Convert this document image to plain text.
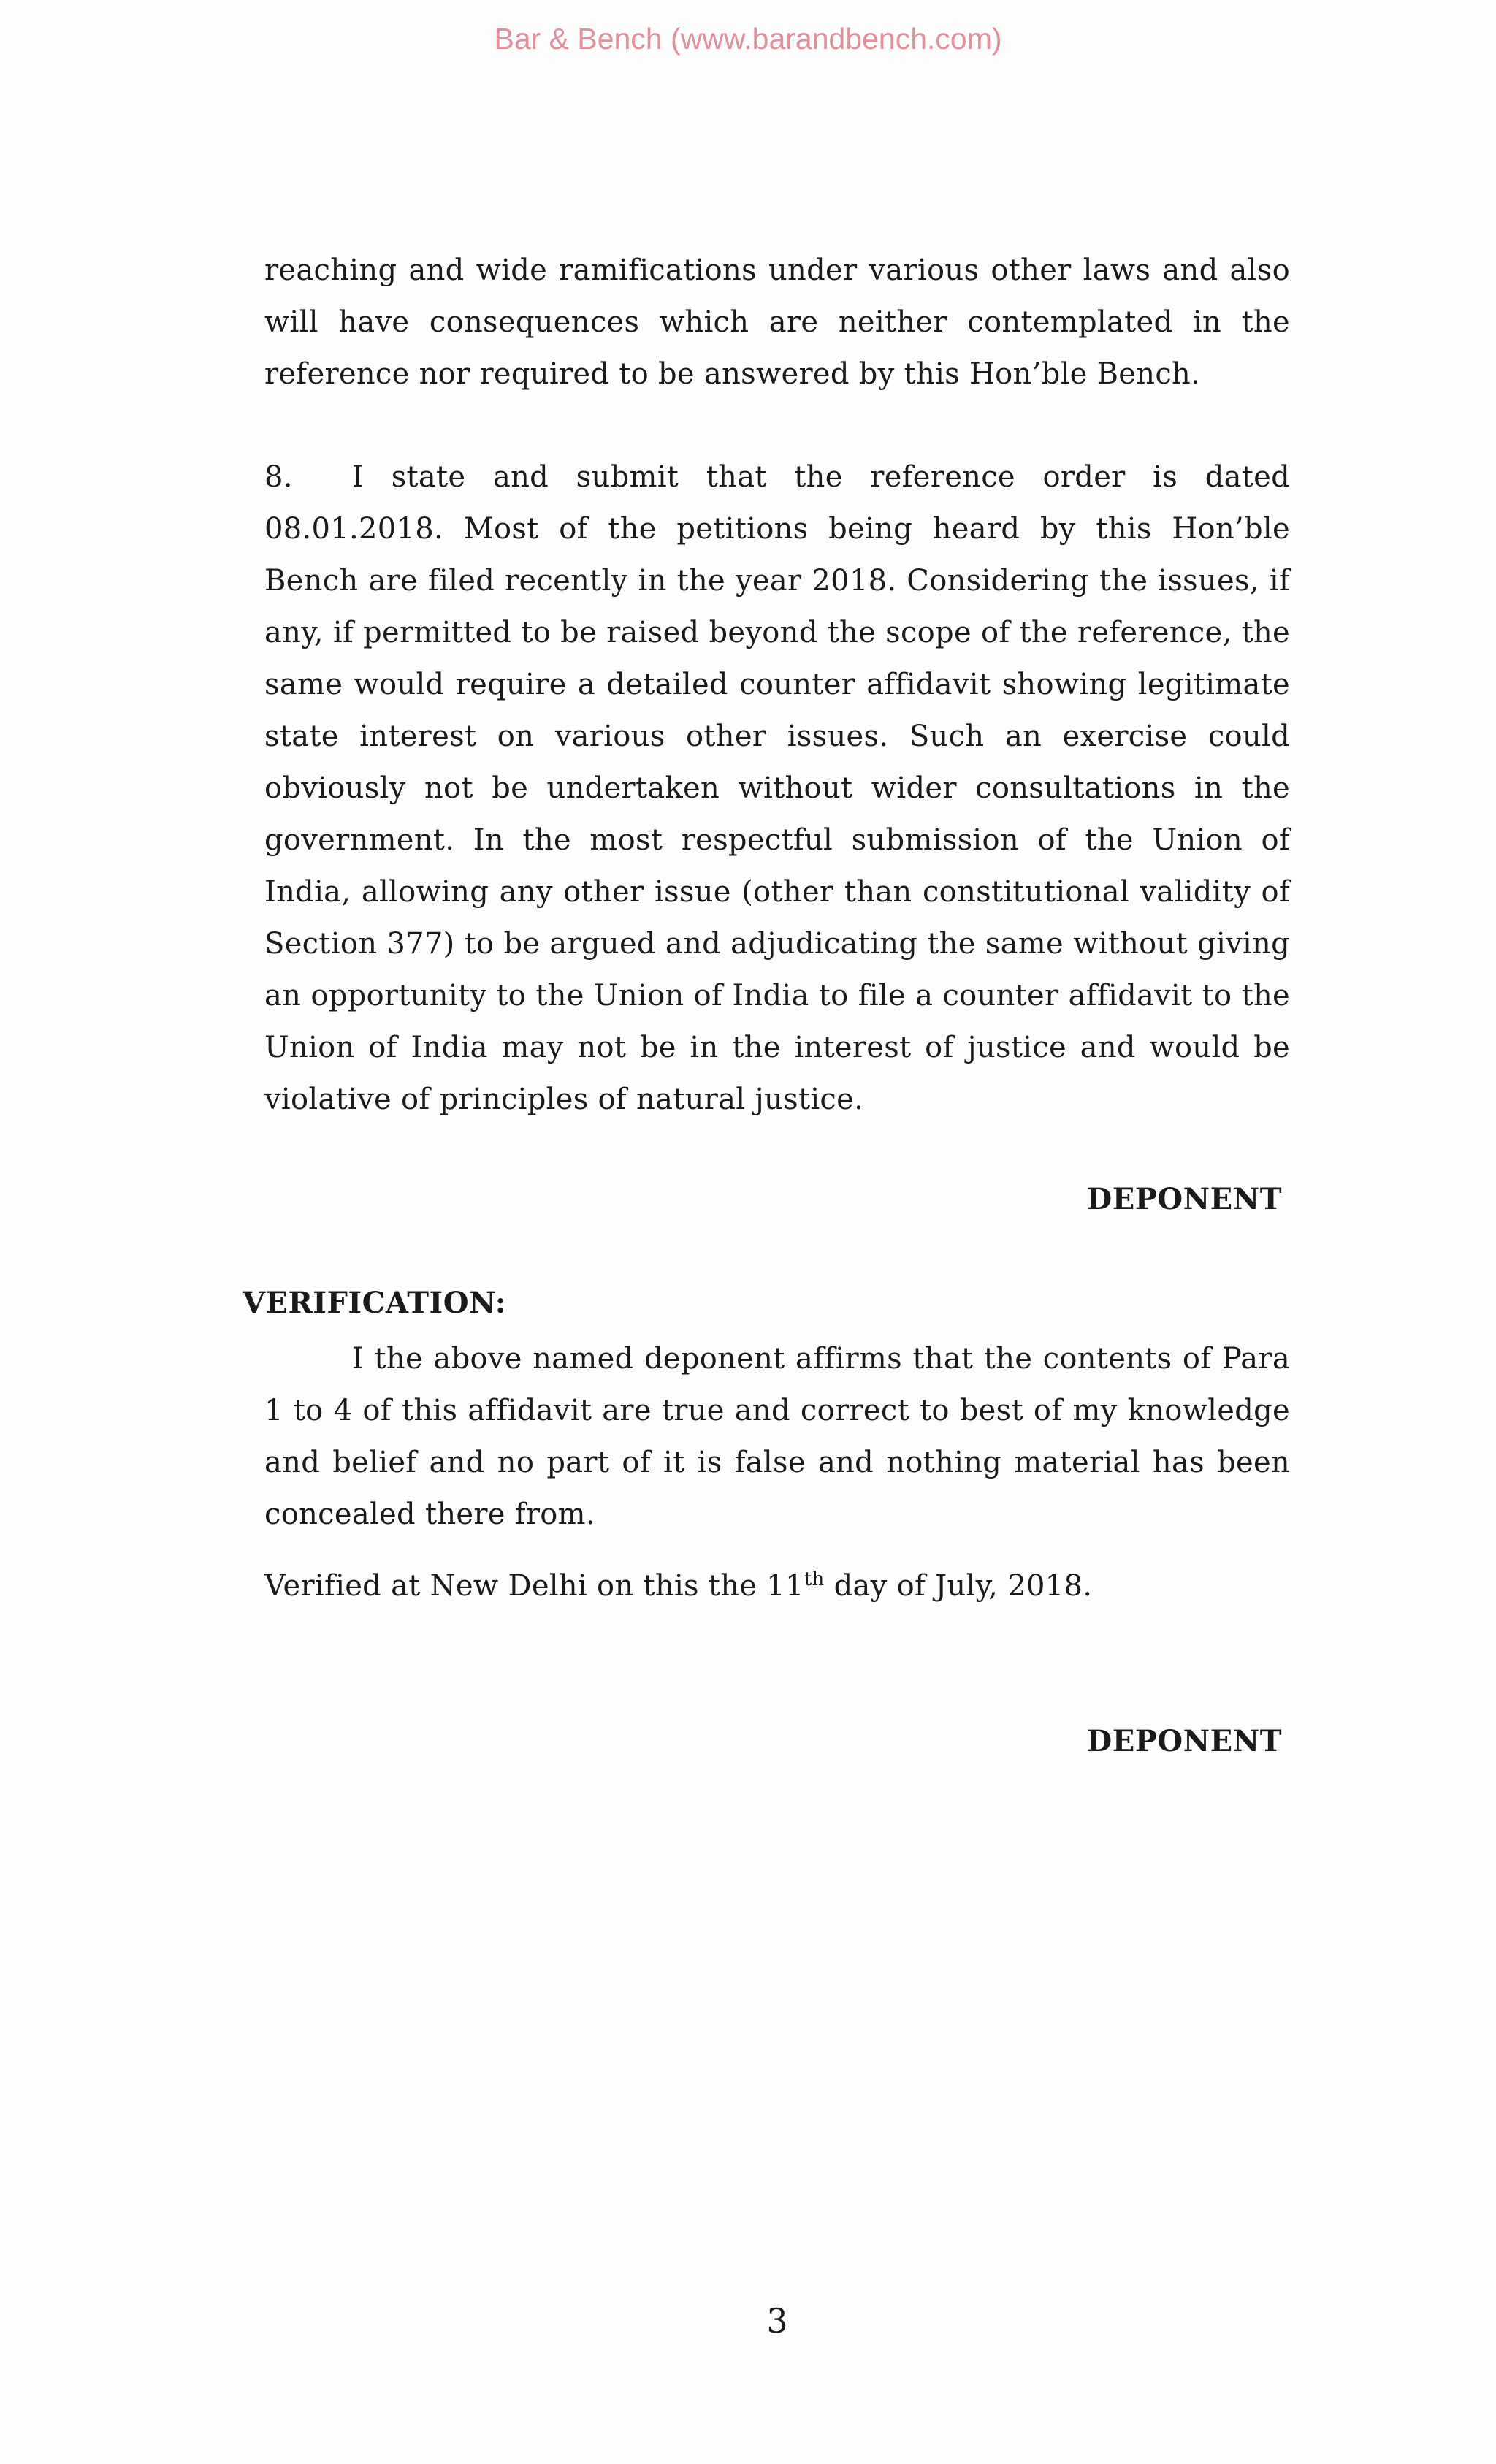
Bar & Bench (www.barandbench.com)

reaching and wide ramifications under various other laws and also will have consequences which are neither contemplated in the reference nor required to be answered by this Hon’ble Bench.

8. I state and submit that the reference order is dated 08.01.2018. Most of the petitions being heard by this Hon’ble Bench are filed recently in the year 2018. Considering the issues, if any, if permitted to be raised beyond the scope of the reference, the same would require a detailed counter affidavit showing legitimate state interest on various other issues. Such an exercise could obviously not be undertaken without wider consultations in the government. In the most respectful submission of the Union of India, allowing any other issue (other than constitutional validity of Section 377) to be argued and adjudicating the same without giving an opportunity to the Union of India to file a counter affidavit to the Union of India may not be in the interest of justice and would be violative of principles of natural justice.

DEPONENT
VERIFICATION:

I the above named deponent affirms that the contents of Para 1 to 4 of this affidavit are true and correct to best of my knowledge and belief and no part of it is false and nothing material has been concealed there from.

Verified at New Delhi on this the 11th day of July, 2018.

DEPONENT
3
